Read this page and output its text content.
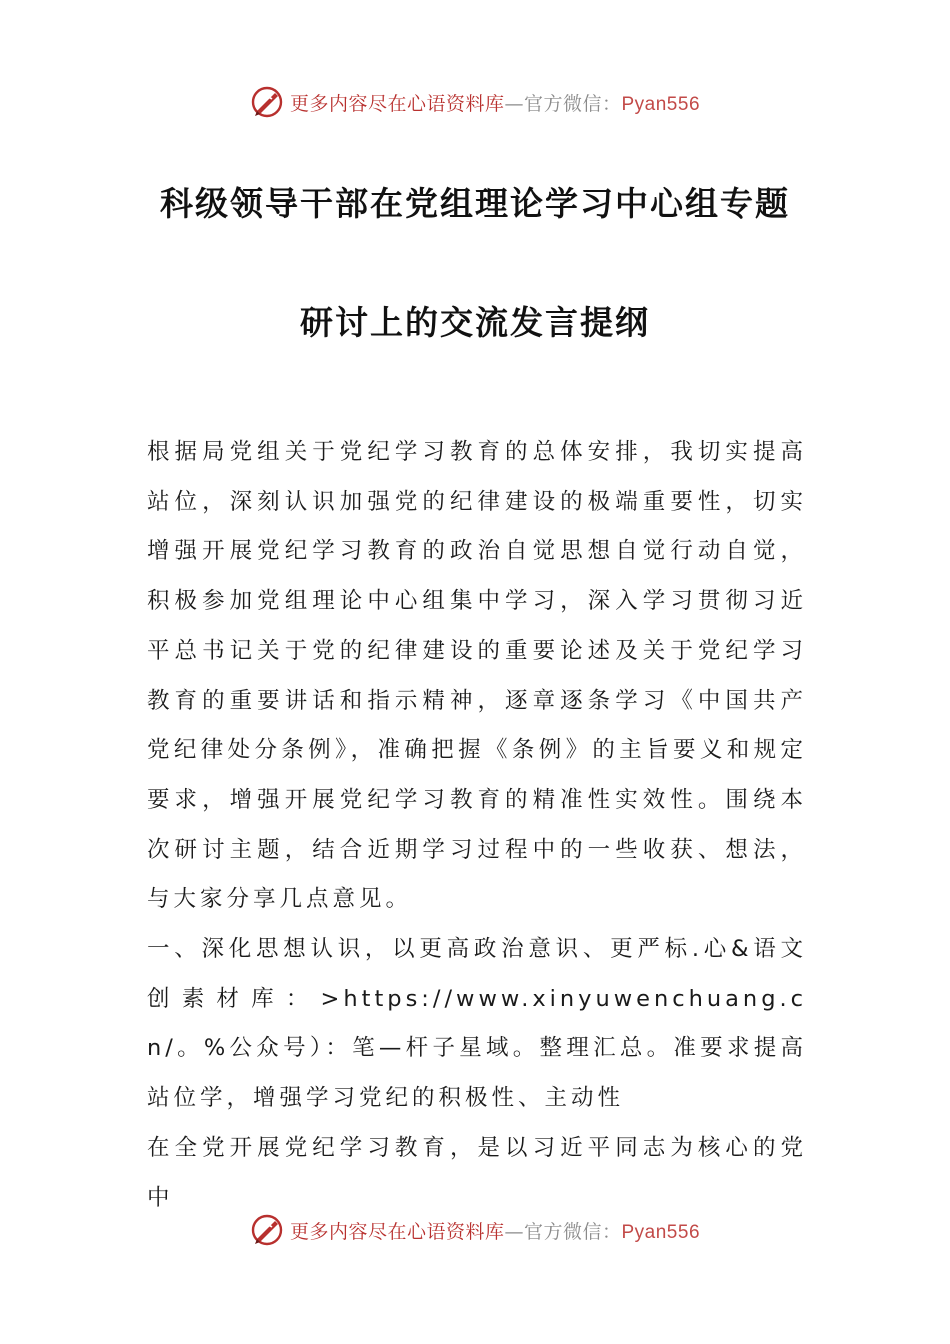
更多内容尽在心语资料库—官方微信：Pyan556
科级领导干部在党组理论学习中心组专题
研讨上的交流发言提纲

根据局党组关于党纪学习教育的总体安排，我切实提高站位，深刻认识加强党的纪律建设的极端重要性，切实增强开展党纪学习教育的政治自觉思想自觉行动自觉，积极参加党组理论中心组集中学习，深入学习贯彻习近平总书记关于党的纪律建设的重要论述及关于党纪学习教育的重要讲话和指示精神，逐章逐条学习《中国共产党纪律处分条例》，准确把握《条例》的主旨要义和规定要求，增强开展党纪学习教育的精准性实效性。围绕本次研讨主题，结合近期学习过程中的一些收获、想法，与大家分享几点意见。

一、深化思想认识，以更高政治意识、更严标.心&语文创素材库：>https://www.xinyuwenchuang.cn/。%公众号）：笔—杆子星域。整理汇总。准要求提高站位学，增强学习党纪的积极性、主动性

在全党开展党纪学习教育，是以习近平同志为核心的党中

更多内容尽在心语资料库—官方微信：Pyan556
